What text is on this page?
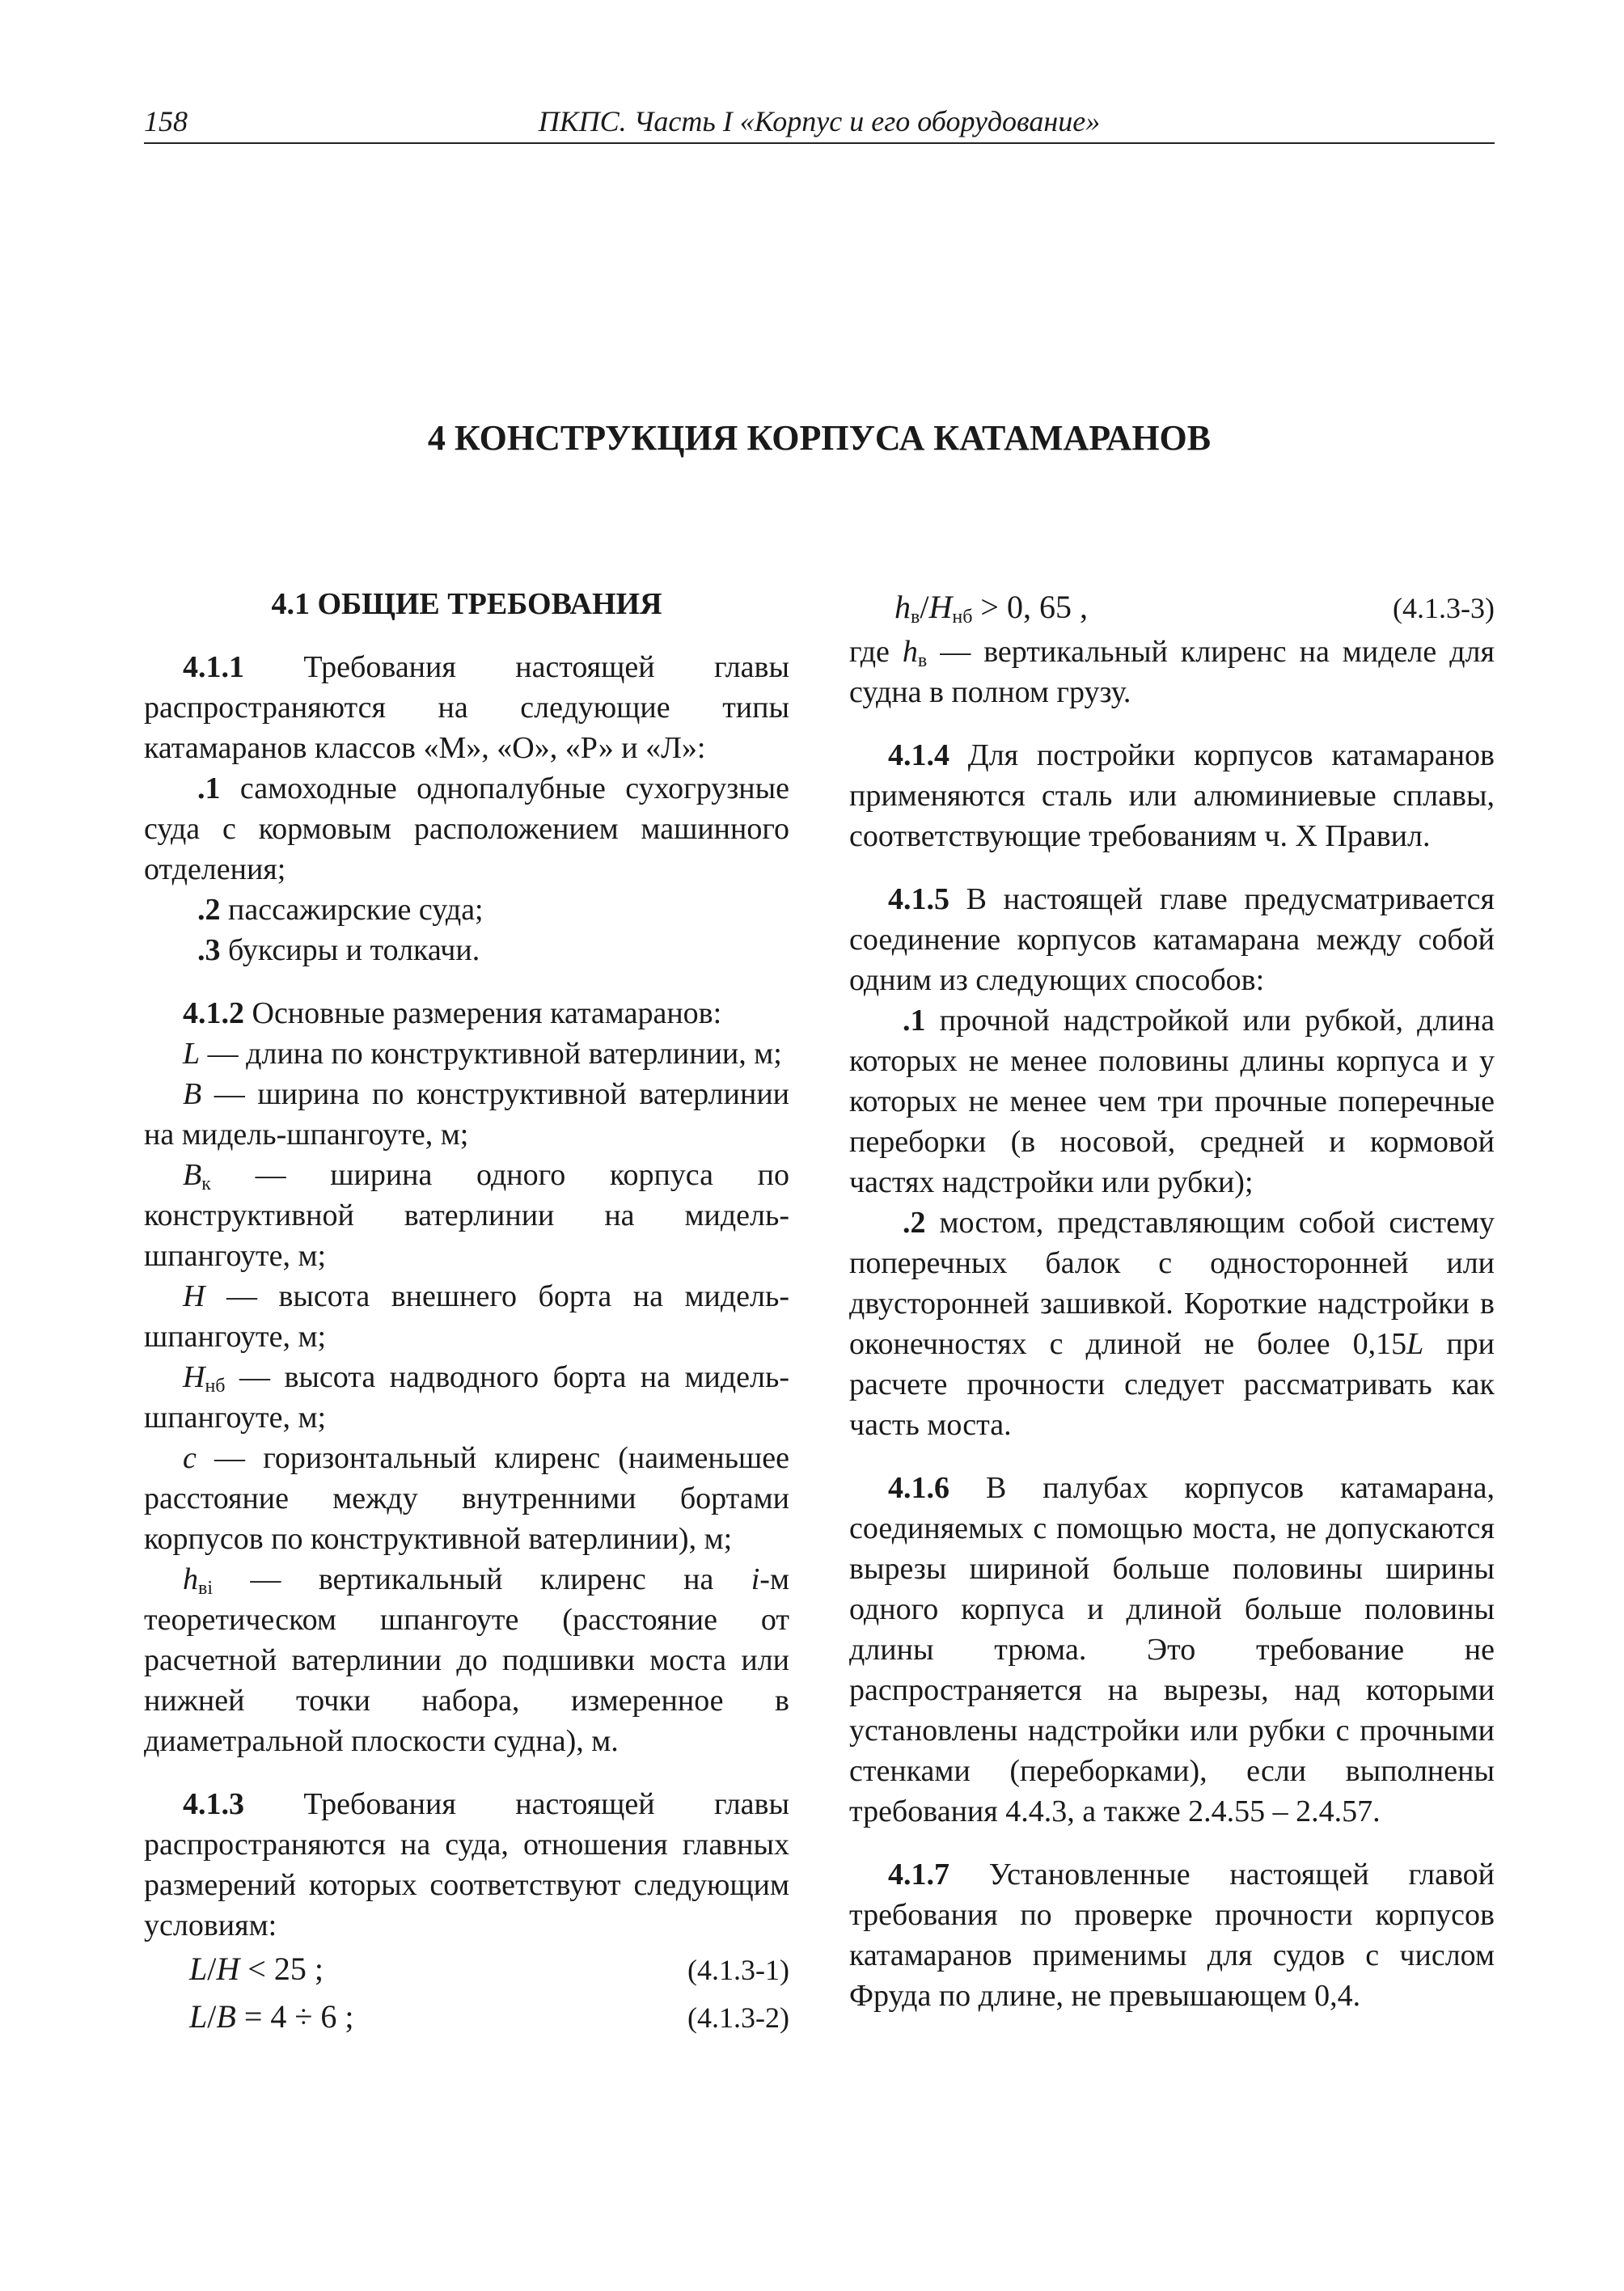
158	ПКПС. Часть I «Корпус и его оборудование»
4 КОНСТРУКЦИЯ КОРПУСА КАТАМАРАНОВ
4.1 ОБЩИЕ ТРЕБОВАНИЯ

4.1.1 Требования настоящей главы распространяются на следующие типы катамаранов классов «М», «О», «Р» и «Л»:

.1 самоходные однопалубные сухогрузные суда с кормовым расположением машинного отделения;

.2 пассажирские суда;

.3 буксиры и толкачи.

4.1.2 Основные размерения катамаранов:

L — длина по конструктивной ватерлинии, м;

B — ширина по конструктивной ватерлинии на мидель-шпангоуте, м;

$B_к$ — ширина одного корпуса по конструктивной ватерлинии на мидель-шпангоуте, м;

H — высота внешнего борта на мидель-шпангоуте, м;

$H_{нб}$ — высота надводного борта на мидель-шпангоуте, м;

c — горизонтальный клиренс (наименьшее расстояние между внутренними бортами корпусов по конструктивной ватерлинии), м;

$h_{вi}$ — вертикальный клиренс на i-м теоретическом шпангоуте (расстояние от расчетной ватерлинии до подшивки моста или нижней точки набора, измеренное в диаметральной плоскости судна), м.

4.1.3 Требования настоящей главы распространяются на суда, отношения главных размерений которых соответствуют следующим условиям:

L/H < 25 ;	(4.1.3-1)
L/B = 4 ÷ 6 ;	(4.1.3-2)
$h_в/H_{нб} > 0$, 65 ,	(4.1.3-3)

где $h_в$ — вертикальный клиренс на миделе для судна в полном грузу.

4.1.4 Для постройки корпусов катамаранов применяются сталь или алюминиевые сплавы, соответствующие требованиям ч. X Правил.

4.1.5 В настоящей главе предусматривается соединение корпусов катамарана между собой одним из следующих способов:

.1 прочной надстройкой или рубкой, длина которых не менее половины длины корпуса и у которых не менее чем три прочные поперечные переборки (в носовой, средней и кормовой частях надстройки или рубки);

.2 мостом, представляющим собой систему поперечных балок с односторонней или двусторонней зашивкой. Короткие надстройки в оконечностях с длиной не более 0,15L при расчете прочности следует рассматривать как часть моста.

4.1.6 В палубах корпусов катамарана, соединяемых с помощью моста, не допускаются вырезы шириной больше половины ширины одного корпуса и длиной больше половины длины трюма. Это требование не распространяется на вырезы, над которыми установлены надстройки или рубки с прочными стенками (переборками), если выполнены требования 4.4.3, а также 2.4.55 – 2.4.57.

4.1.7 Установленные настоящей главой требования по проверке прочности корпусов катамаранов применимы для судов с числом Фруда по длине, не превышающем 0,4.
